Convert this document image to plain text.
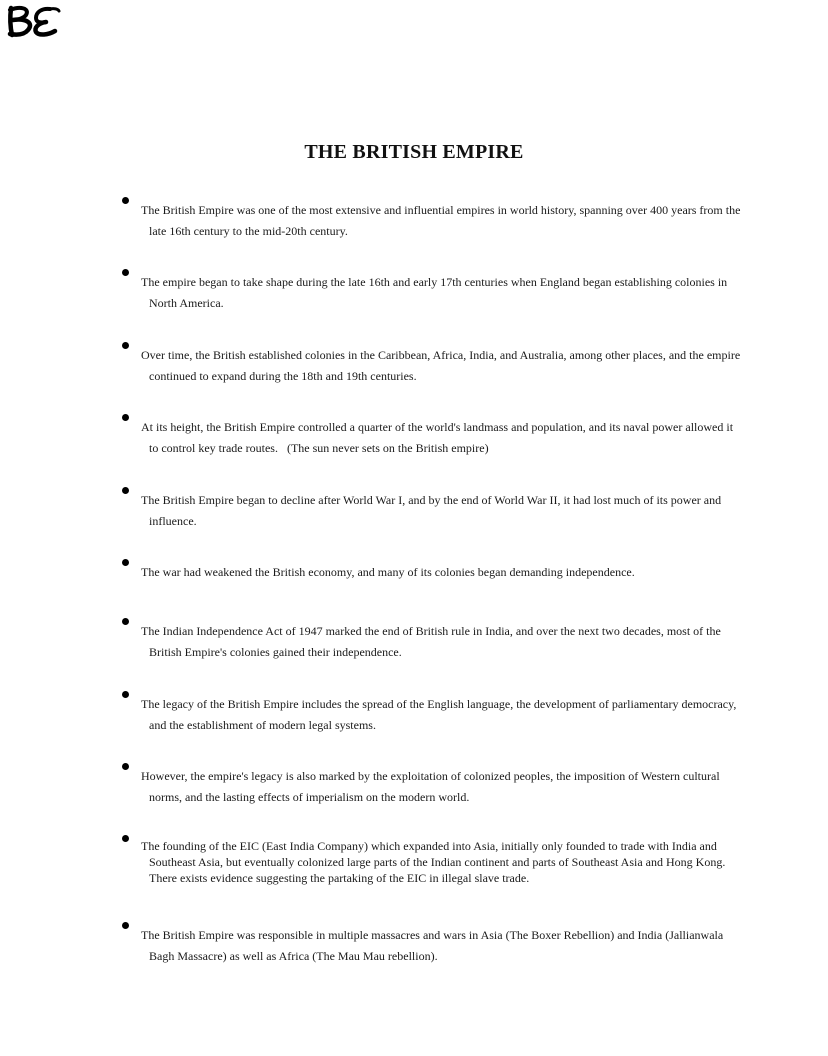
THE BRITISH EMPIRE
The British Empire was one of the most extensive and influential empires in world history, spanning over 400 years from the late 16th century to the mid-20th century.
The empire began to take shape during the late 16th and early 17th centuries when England began establishing colonies in North America.
Over time, the British established colonies in the Caribbean, Africa, India, and Australia, among other places, and the empire continued to expand during the 18th and 19th centuries.
At its height, the British Empire controlled a quarter of the world's landmass and population, and its naval power allowed it to control key trade routes.   (The sun never sets on the British empire)
The British Empire began to decline after World War I, and by the end of World War II, it had lost much of its power and influence.
The war had weakened the British economy, and many of its colonies began demanding independence.
The Indian Independence Act of 1947 marked the end of British rule in India, and over the next two decades, most of the British Empire's colonies gained their independence.
The legacy of the British Empire includes the spread of the English language, the development of parliamentary democracy, and the establishment of modern legal systems.
However, the empire's legacy is also marked by the exploitation of colonized peoples, the imposition of Western cultural norms, and the lasting effects of imperialism on the modern world.
The founding of the EIC (East India Company) which expanded into Asia, initially only founded to trade with India and Southeast Asia, but eventually colonized large parts of the Indian continent and parts of Southeast Asia and Hong Kong. There exists evidence suggesting the partaking of the EIC in illegal slave trade.
The British Empire was responsible in multiple massacres and wars in Asia (The Boxer Rebellion) and India (Jallianwala Bagh Massacre) as well as Africa (The Mau Mau rebellion).
